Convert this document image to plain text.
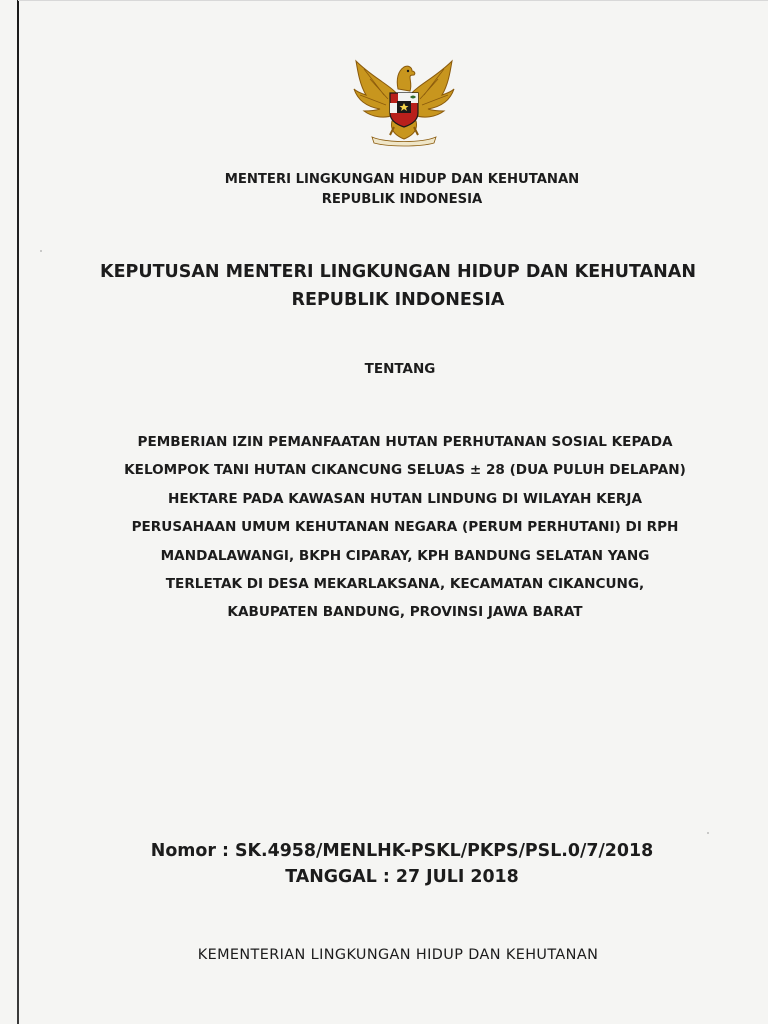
MENTERI LINGKUNGAN HIDUP DAN KEHUTANAN
REPUBLIK INDONESIA
KEPUTUSAN MENTERI LINGKUNGAN HIDUP DAN KEHUTANAN
REPUBLIK INDONESIA
TENTANG
PEMBERIAN IZIN PEMANFAATAN HUTAN PERHUTANAN SOSIAL KEPADA
KELOMPOK TANI HUTAN CIKANCUNG SELUAS ± 28 (DUA PULUH DELAPAN)
HEKTARE PADA KAWASAN HUTAN LINDUNG DI WILAYAH KERJA
PERUSAHAAN UMUM KEHUTANAN NEGARA (PERUM PERHUTANI) DI RPH
MANDALAWANGI, BKPH CIPARAY, KPH BANDUNG SELATAN YANG
TERLETAK DI DESA MEKARLAKSANA, KECAMATAN CIKANCUNG,
KABUPATEN BANDUNG, PROVINSI JAWA BARAT
Nomor : SK.4958/MENLHK-PSKL/PKPS/PSL.0/7/2018
TANGGAL : 27 JULI 2018
KEMENTERIAN LINGKUNGAN HIDUP DAN KEHUTANAN
